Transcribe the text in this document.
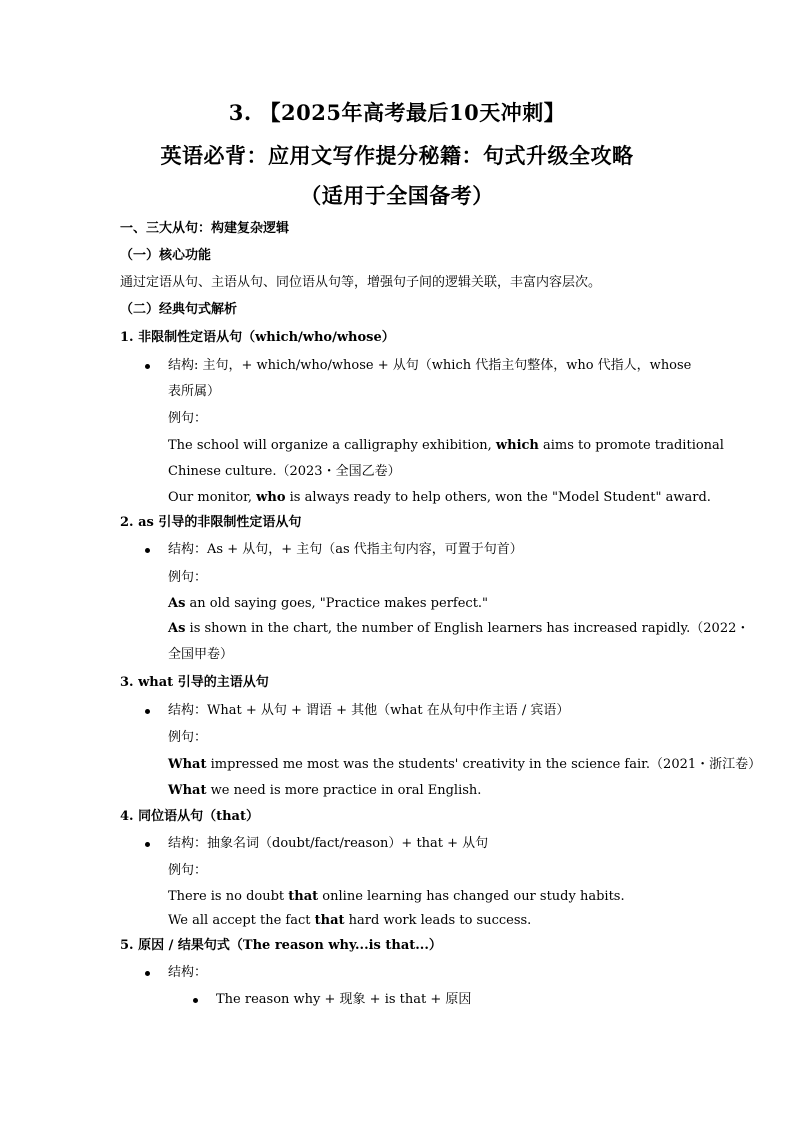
3. 【2025年高考最后10天冲刺】
英语必背：应用文写作提分秘籍：句式升级全攻略
（适用于全国备考）
一、三大从句：构建复杂逻辑
（一）核心功能
通过定语从句、主语从句、同位语从句等，增强句子间的逻辑关联，丰富内容层次。
（二）经典句式解析
1. 非限制性定语从句（which/who/whose）
结构: 主句，+ which/who/whose + 从句（which 代指主句整体，who 代指人，whose
表所属）
例句：
The school will organize a calligraphy exhibition, which aims to promote traditional
Chinese culture.（2023・全国乙卷）
Our monitor, who is always ready to help others, won the "Model Student" award.
2. as 引导的非限制性定语从句
结构：As + 从句，+ 主句（as 代指主句内容，可置于句首）
例句：
As an old saying goes, "Practice makes perfect."
As is shown in the chart, the number of English learners has increased rapidly.（2022・
全国甲卷）
3. what 引导的主语从句
结构：What + 从句 + 谓语 + 其他（what 在从句中作主语 / 宾语）
例句：
What impressed me most was the students' creativity in the science fair.（2021・浙江卷）
What we need is more practice in oral English.
4. 同位语从句（that）
结构：抽象名词（doubt/fact/reason）+ that + 从句
例句：
There is no doubt that online learning has changed our study habits.
We all accept the fact that hard work leads to success.
5. 原因 / 结果句式（The reason why...is that...）
结构：
The reason why + 现象 + is that + 原因
